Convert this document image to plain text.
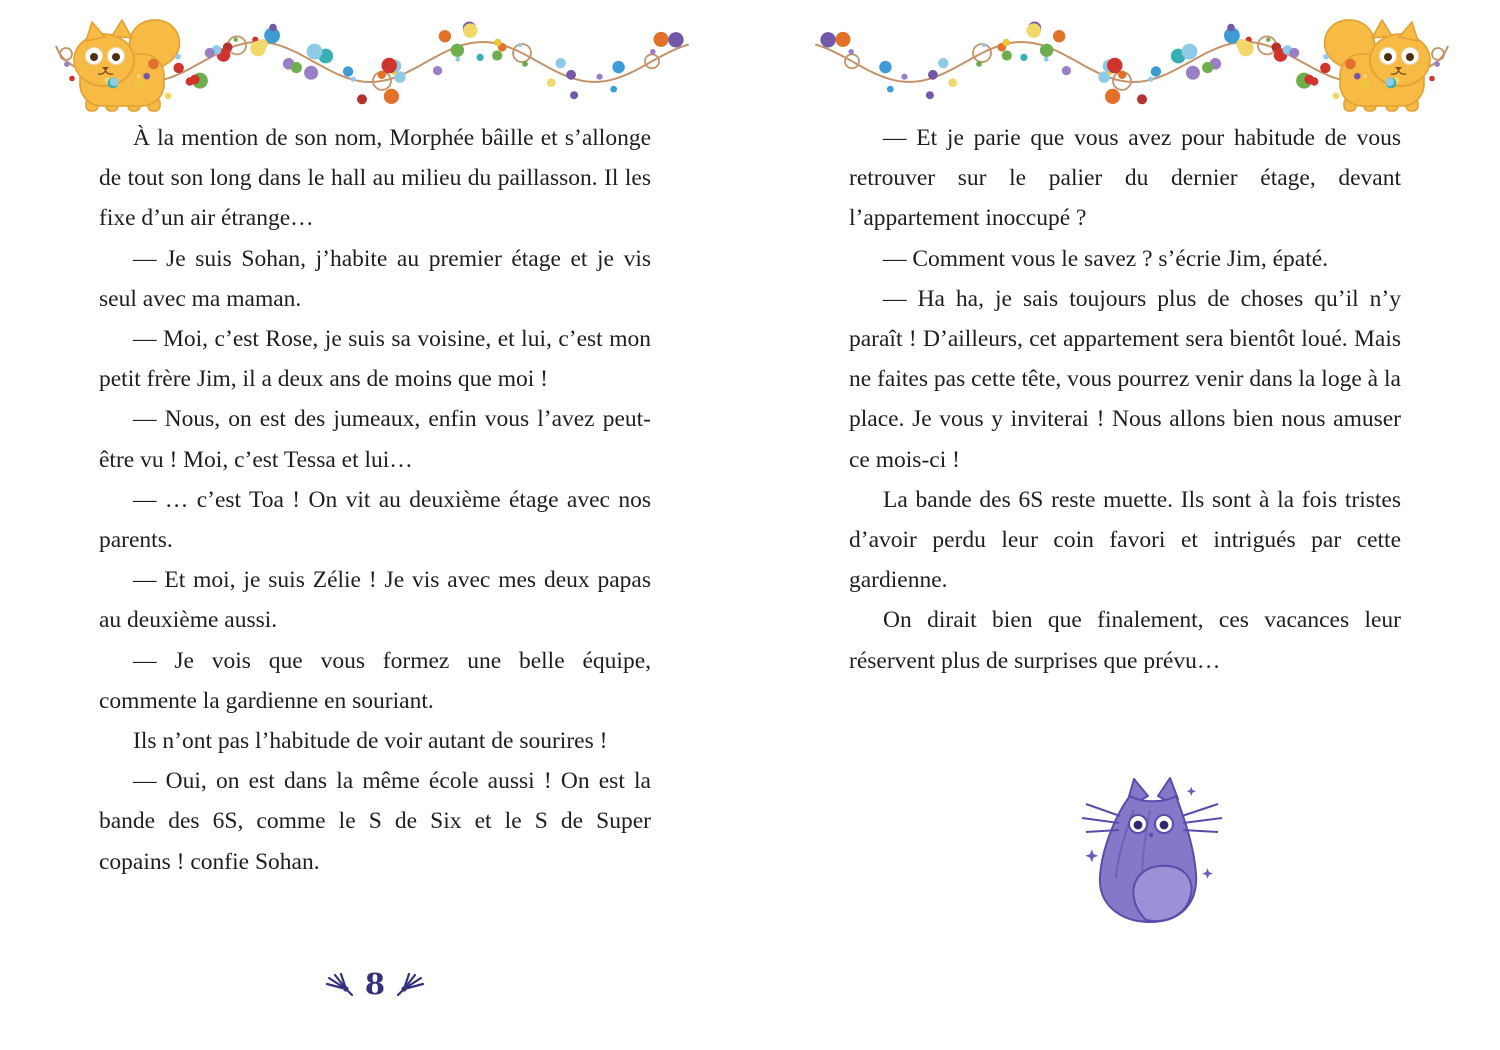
À la mention de son nom, Morphée bâille et s’allonge de tout son long dans le hall au milieu du paillasson. Il les fixe d’un air étrange…

— Je suis Sohan, j’habite au premier étage et je vis seul avec ma maman.

— Moi, c’est Rose, je suis sa voisine, et lui, c’est mon petit frère Jim, il a deux ans de moins que moi !

— Nous, on est des jumeaux, enfin vous l’avez peut-être vu ! Moi, c’est Tessa et lui…

— … c’est Toa ! On vit au deuxième étage avec nos parents.

— Et moi, je suis Zélie ! Je vis avec mes deux papas au deuxième aussi.

— Je vois que vous formez une belle équipe, commente la gardienne en souriant.

Ils n’ont pas l’habitude de voir autant de sourires !

— Oui, on est dans la même école aussi ! On est la bande des 6S, comme le S de Six et le S de Super copains ! confie Sohan.

— Et je parie que vous avez pour habitude de vous retrouver sur le palier du dernier étage, devant l’appartement inoccupé ?

— Comment vous le savez ? s’écrie Jim, épaté.

— Ha ha, je sais toujours plus de choses qu’il n’y paraît ! D’ailleurs, cet appartement sera bientôt loué. Mais ne faites pas cette tête, vous pourrez venir dans la loge à la place. Je vous y inviterai ! Nous allons bien nous amuser ce mois-ci !

La bande des 6S reste muette. Ils sont à la fois tristes d’avoir perdu leur coin favori et intrigués par cette gardienne.

On dirait bien que finalement, ces vacances leur réservent plus de surprises que prévu…

8
